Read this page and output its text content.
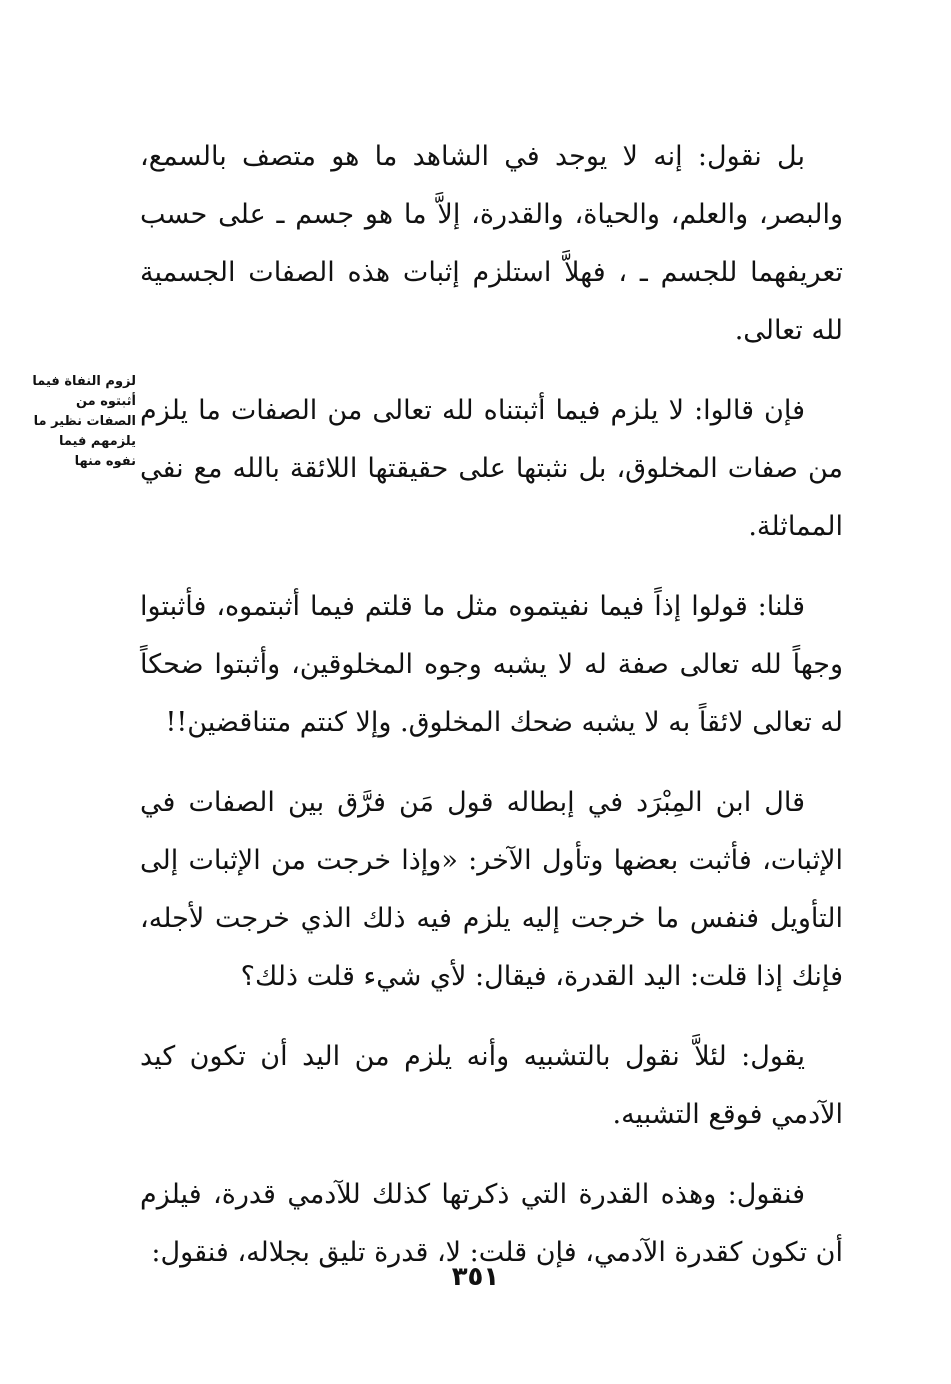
بل نقول: إنه لا يوجد في الشاهد ما هو متصف بالسمع، والبصر، والعلم، والحياة، والقدرة، إلاَّ ما هو جسم ـ على حسب تعريفهما للجسم ـ ، فهلاَّ استلزم إثبات هذه الصفات الجسمية لله تعالى.

فإن قالوا: لا يلزم فيما أثبتناه لله تعالى من الصفات ما يلزم من صفات المخلوق، بل نثبتها على حقيقتها اللائقة بالله مع نفي المماثلة.

قلنا: قولوا إذاً فيما نفيتموه مثل ما قلتم فيما أثبتموه، فأثبتوا وجهاً لله تعالى صفة له لا يشبه وجوه المخلوقين، وأثبتوا ضحكاً له تعالى لائقاً به لا يشبه ضحك المخلوق. وإلا كنتم متناقضين!!

قال ابن المِبْرَد في إبطاله قول مَن فرَّق بين الصفات في الإثبات، فأثبت بعضها وتأول الآخر: «وإذا خرجت من الإثبات إلى التأويل فنفس ما خرجت إليه يلزم فيه ذلك الذي خرجت لأجله، فإنك إذا قلت: اليد القدرة، فيقال: لأي شيء قلت ذلك؟

يقول: لئلاَّ نقول بالتشبيه وأنه يلزم من اليد أن تكون كيد الآدمي فوقع التشبيه.

فنقول: وهذه القدرة التي ذكرتها كذلك للآدمي قدرة، فيلزم أن تكون كقدرة الآدمي، فإن قلت: لا، قدرة تليق بجلاله، فنقول:

لزوم النفاة فيما أثبتوه من الصفات نظير ما يلزمهم فيما نفوه منها
٣٥١
